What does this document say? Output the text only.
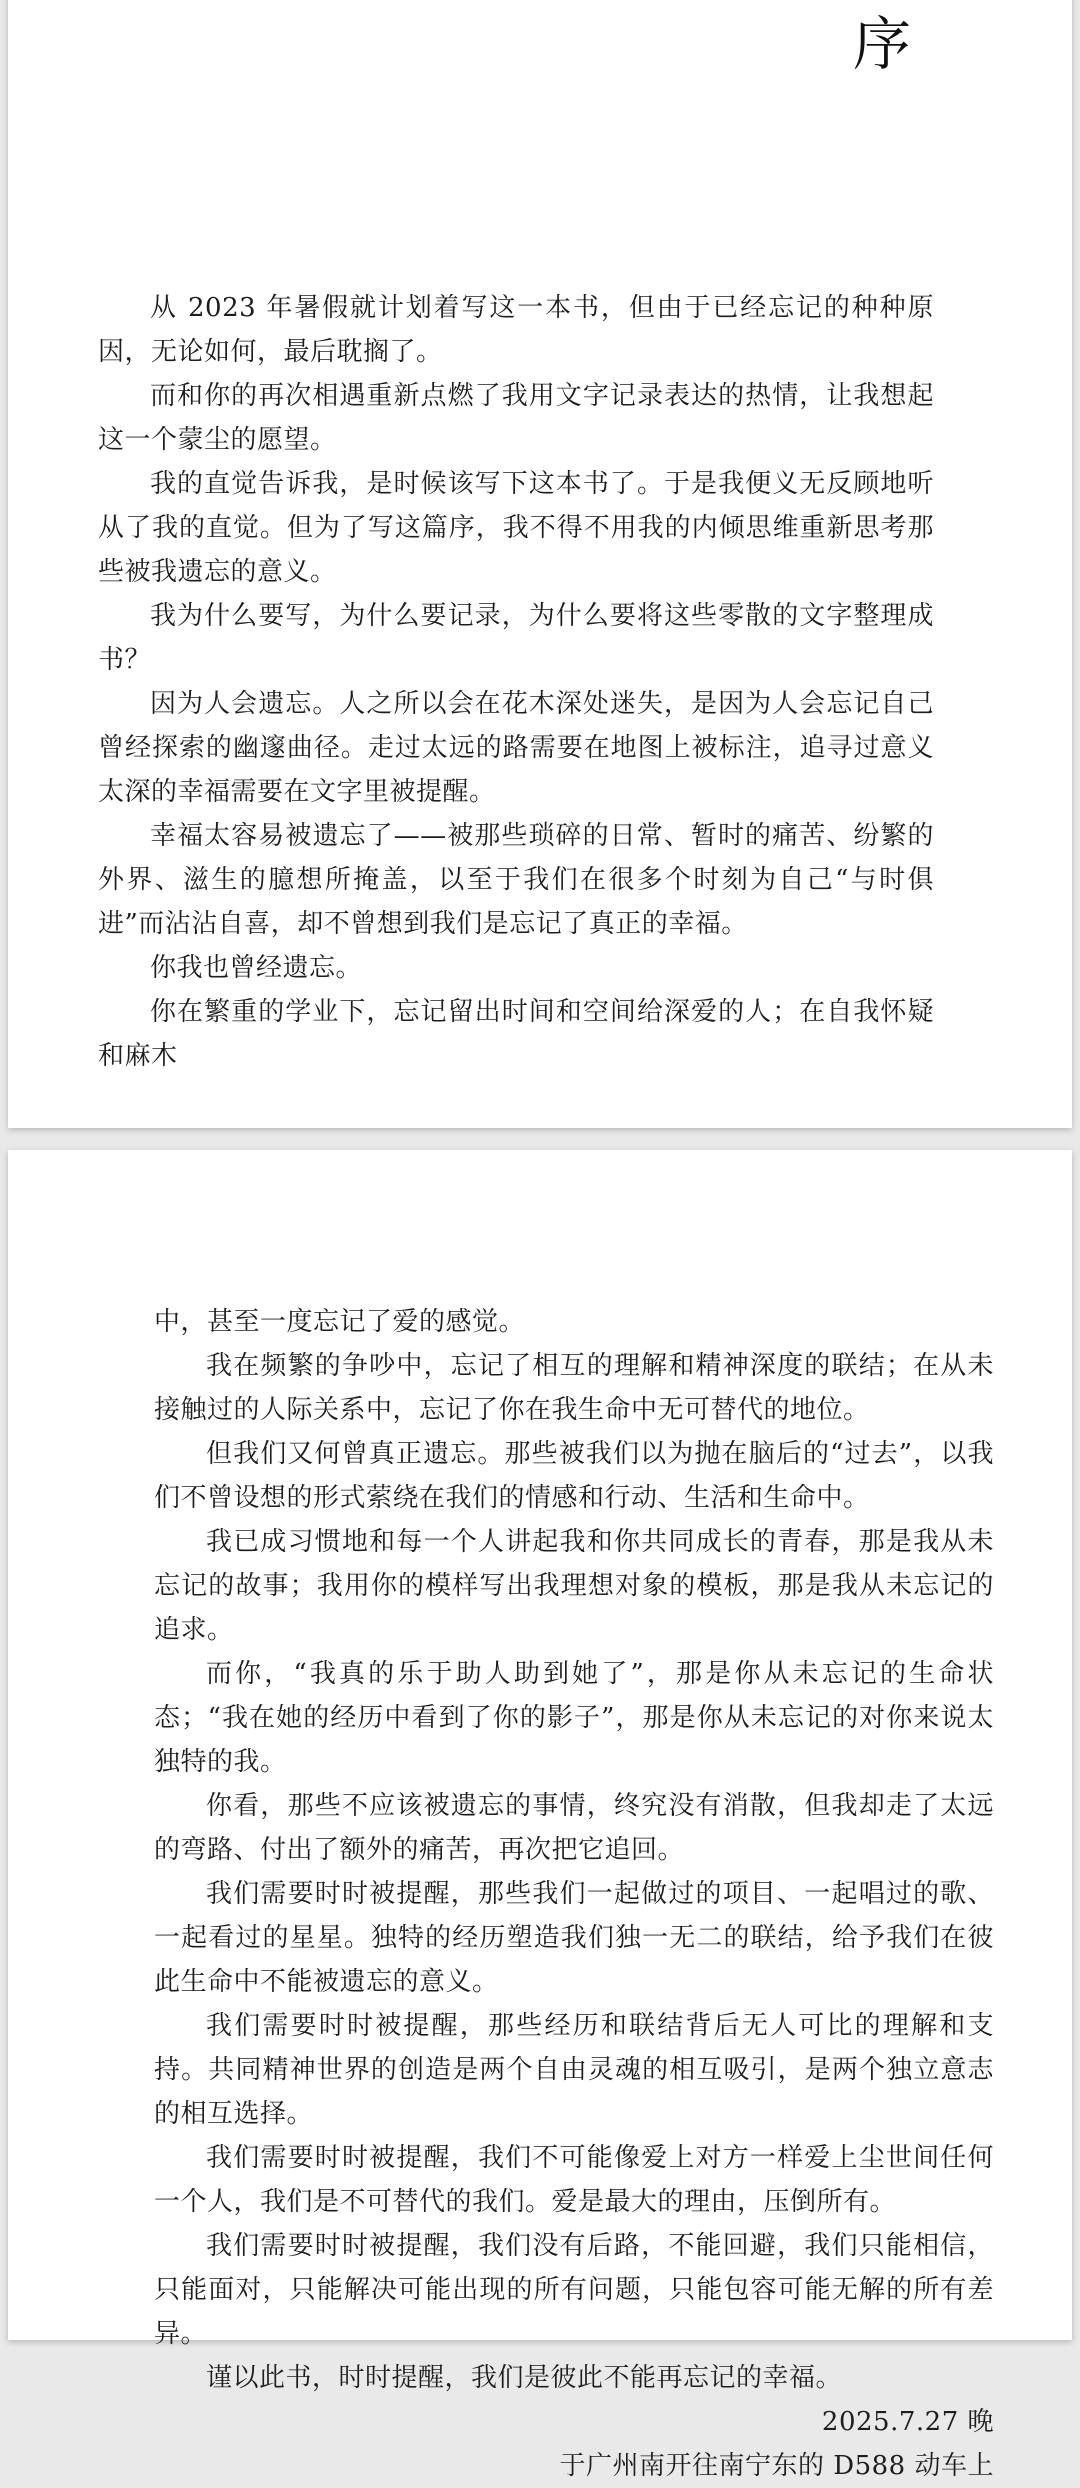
序

从 2023 年暑假就计划着写这一本书，但由于已经忘记的种种原因，无论如何，最后耽搁了。

而和你的再次相遇重新点燃了我用文字记录表达的热情，让我想起这一个蒙尘的愿望。

我的直觉告诉我，是时候该写下这本书了。于是我便义无反顾地听从了我的直觉。但为了写这篇序，我不得不用我的内倾思维重新思考那些被我遗忘的意义。

我为什么要写，为什么要记录，为什么要将这些零散的文字整理成书？

因为人会遗忘。人之所以会在花木深处迷失，是因为人会忘记自己曾经探索的幽邃曲径。走过太远的路需要在地图上被标注，追寻过意义太深的幸福需要在文字里被提醒。

幸福太容易被遗忘了——被那些琐碎的日常、暂时的痛苦、纷繁的外界、滋生的臆想所掩盖，以至于我们在很多个时刻为自己“与时俱进”而沾沾自喜，却不曾想到我们是忘记了真正的幸福。

你我也曾经遗忘。

你在繁重的学业下，忘记留出时间和空间给深爱的人；在自我怀疑和麻木

中，甚至一度忘记了爱的感觉。

我在频繁的争吵中，忘记了相互的理解和精神深度的联结；在从未接触过的人际关系中，忘记了你在我生命中无可替代的地位。

但我们又何曾真正遗忘。那些被我们以为抛在脑后的“过去”，以我们不曾设想的形式萦绕在我们的情感和行动、生活和生命中。

我已成习惯地和每一个人讲起我和你共同成长的青春，那是我从未忘记的故事；我用你的模样写出我理想对象的模板，那是我从未忘记的追求。

而你，“我真的乐于助人助到她了”，那是你从未忘记的生命状态；“我在她的经历中看到了你的影子”，那是你从未忘记的对你来说太独特的我。

你看，那些不应该被遗忘的事情，终究没有消散，但我却走了太远的弯路、付出了额外的痛苦，再次把它追回。

我们需要时时被提醒，那些我们一起做过的项目、一起唱过的歌、一起看过的星星。独特的经历塑造我们独一无二的联结，给予我们在彼此生命中不能被遗忘的意义。

我们需要时时被提醒，那些经历和联结背后无人可比的理解和支持。共同精神世界的创造是两个自由灵魂的相互吸引，是两个独立意志的相互选择。

我们需要时时被提醒，我们不可能像爱上对方一样爱上尘世间任何一个人，我们是不可替代的我们。爱是最大的理由，压倒所有。

我们需要时时被提醒，我们没有后路，不能回避，我们只能相信，只能面对，只能解决可能出现的所有问题，只能包容可能无解的所有差异。

谨以此书，时时提醒，我们是彼此不能再忘记的幸福。

2025.7.27 晚

于广州南开往南宁东的 D588 动车上
